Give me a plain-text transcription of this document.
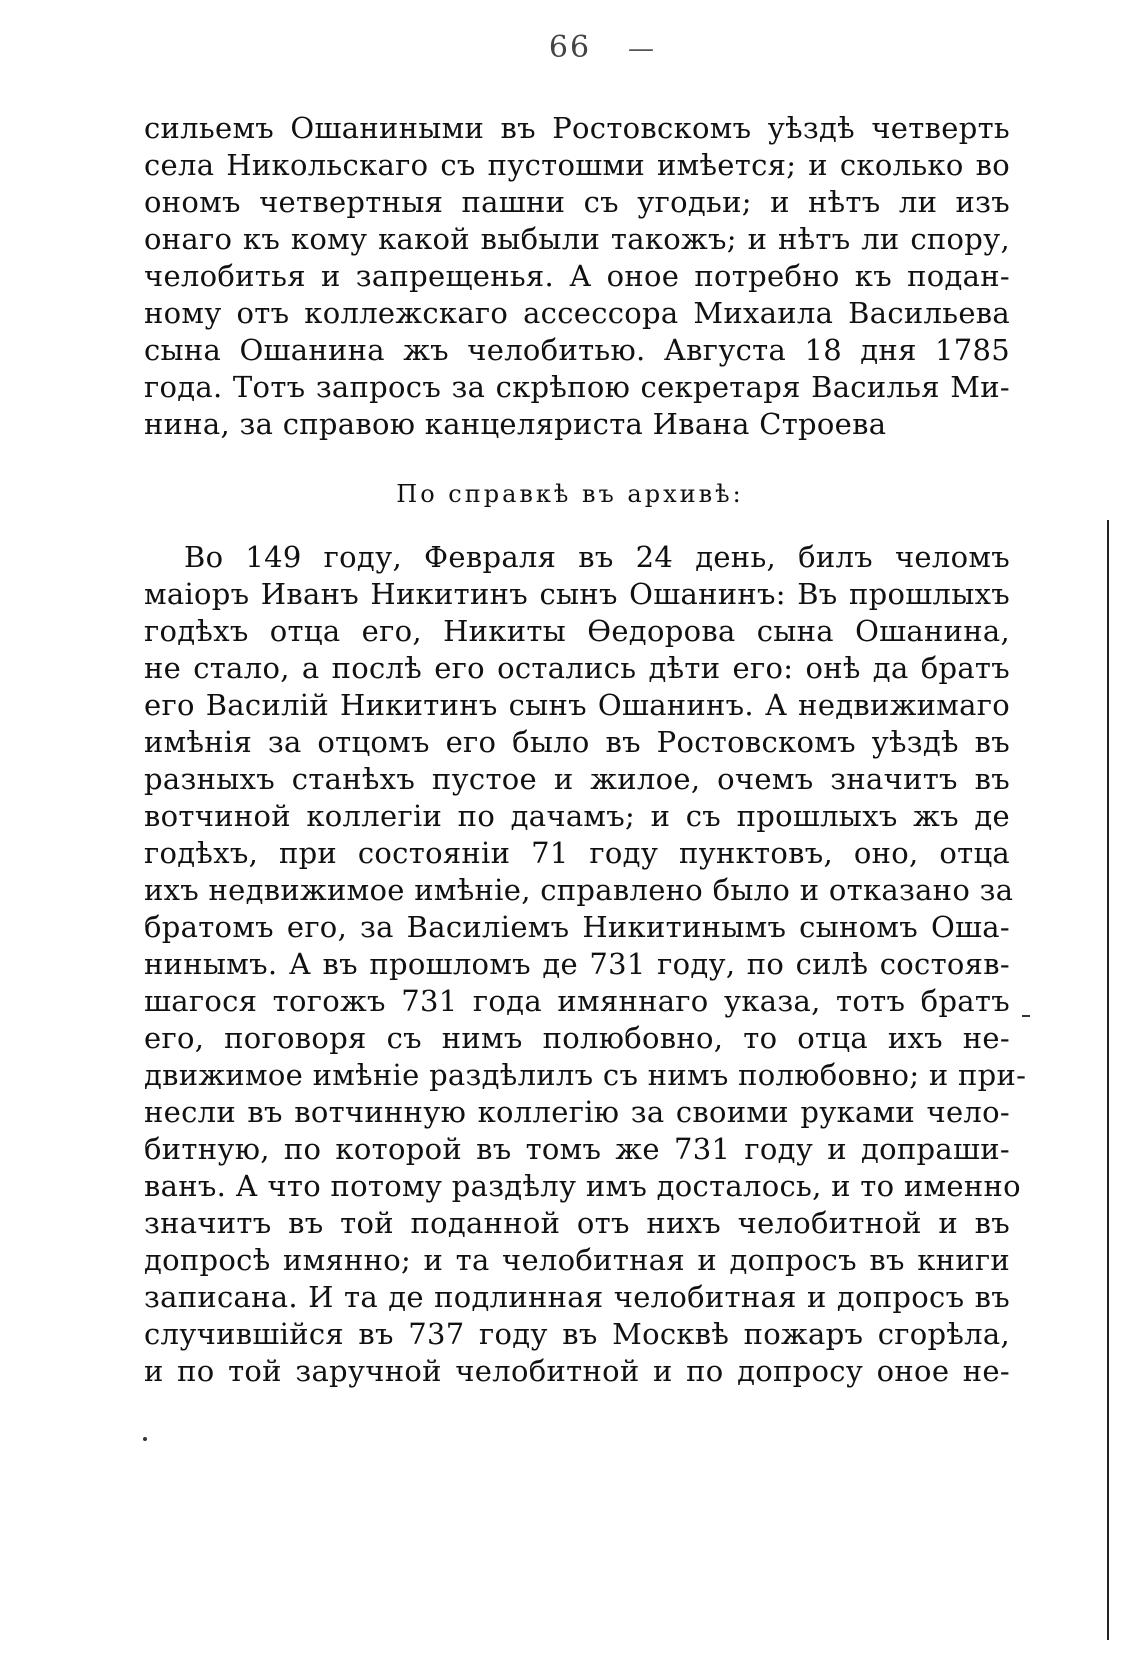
66	—
сильемъ Ошаниными въ Ростовскомъ уѣздѣ четверть
села Никольскаго съ пустошми имѣется; и сколько во
ономъ четвертныя пашни съ угодьи; и нѣтъ ли изъ
онаго къ кому какой выбыли такожъ; и нѣтъ ли спору,
челобитья и запрещенья. А оное потребно къ подан-
ному отъ коллежскаго ассессора Михаила Васильева
сына Ошанина жъ челобитью. Августа 18 дня 1785
года. Тотъ запросъ за скрѣпою секретаря Василья Ми-
нина, за справою канцеляриста Ивана Строева
По справкѣ въ архивѣ:
Во 149 году, Февраля въ 24 день, билъ челомъ
маіоръ Иванъ Никитинъ сынъ Ошанинъ: Въ прошлыхъ
годѣхъ отца его, Никиты Ѳедорова сына Ошанина,
не стало, а послѣ его остались дѣти его: онѣ да братъ
его Василій Никитинъ сынъ Ошанинъ. А недвижимаго
имѣнія за отцомъ его было въ Ростовскомъ уѣздѣ въ
разныхъ станѣхъ пустое и жилое, очемъ значитъ въ
вотчиной коллегіи по дачамъ; и съ прошлыхъ жъ де
годѣхъ, при состояніи 71 году пунктовъ, оно, отца
ихъ недвижимое имѣніе, справлено было и отказано за
братомъ его, за Василіемъ Никитинымъ сыномъ Оша-
нинымъ. А въ прошломъ де 731 году, по силѣ состояв-
шагося тогожъ 731 года имяннаго указа, тотъ братъ
его, поговоря съ нимъ полюбовно, то отца ихъ не-
движимое имѣніе раздѣлилъ съ нимъ полюбовно; и при-
несли въ вотчинную коллегію за своими руками чело-
битную, по которой въ томъ же 731 году и допраши-
ванъ. А что потому раздѣлу имъ досталось, и то именно
значитъ въ той поданной отъ нихъ челобитной и въ
допросѣ имянно; и та челобитная и допросъ въ книги
записана. И та де подлинная челобитная и допросъ въ
случившійся въ 737 году въ Москвѣ пожаръ сгорѣла,
и по той заручной челобитной и по допросу оное не-
